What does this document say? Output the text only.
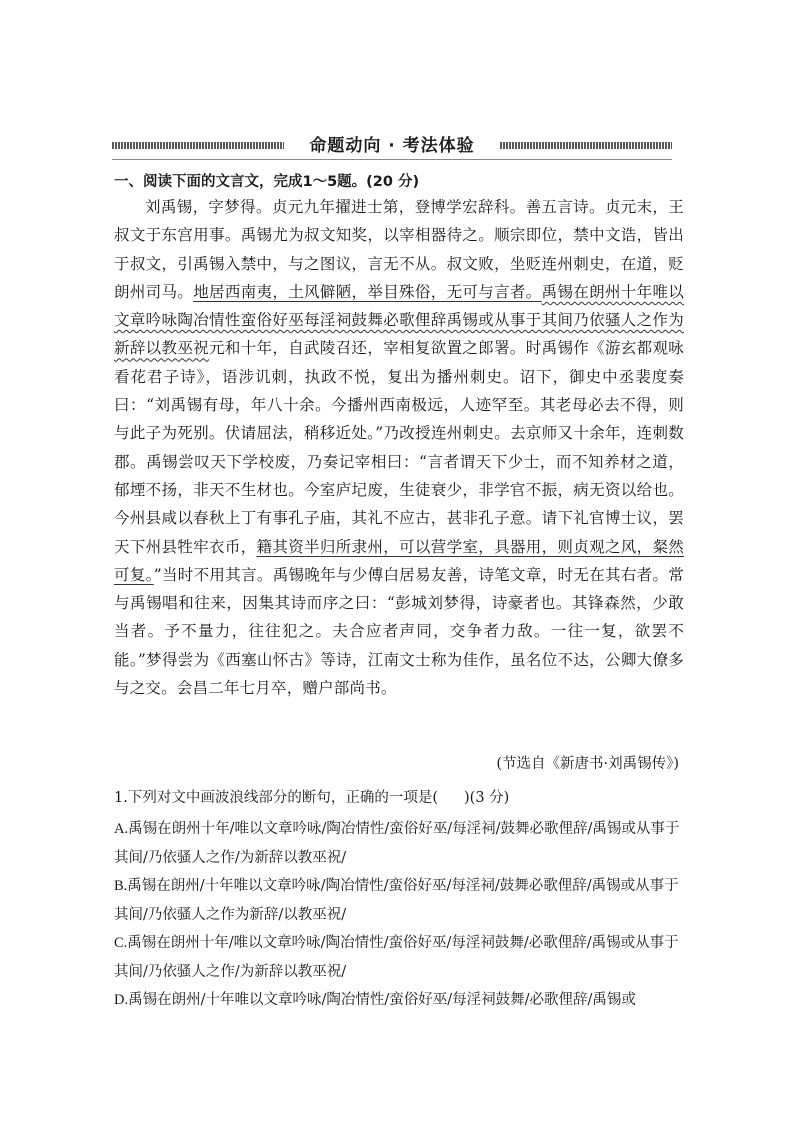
命题动向 · 考法体验
一、阅读下面的文言文，完成1～5题。(20 分)

刘禹锡，字梦得。贞元九年擢进士第，登博学宏辞科。善五言诗。贞元末，王叔文于东宫用事。禹锡尤为叔文知奖，以宰相器待之。顺宗即位，禁中文诰，皆出于叔文，引禹锡入禁中，与之图议，言无不从。叔文败，坐贬连州刺史，在道，贬朗州司马。地居西南夷，土风僻陋，举目殊俗，无可与言者。禹锡在朗州十年唯以文章吟咏陶冶情性蛮俗好巫每淫祠鼓舞必歌俚辞禹锡或从事于其间乃依骚人之作为新辞以教巫祝元和十年，自武陵召还，宰相复欲置之郎署。时禹锡作《游玄都观咏看花君子诗》，语涉讥刺，执政不悦，复出为播州刺史。诏下，御史中丞裴度奏曰：“刘禹锡有母，年八十余。今播州西南极远，人迹罕至。其老母必去不得，则与此子为死别。伏请屈法，稍移近处。”乃改授连州刺史。去京师又十余年，连刺数郡。禹锡尝叹天下学校废，乃奏记宰相曰：“言者谓天下少士，而不知养材之道，郁堙不扬，非天不生材也。今室庐圮废，生徒衰少，非学官不振，病无资以给也。今州县咸以春秋上丁有事孔子庙，其礼不应古，甚非孔子意。请下礼官博士议，罢天下州县牲牢衣币，籍其资半归所隶州，可以营学室，具器用，则贞观之风，粲然可复。”当时不用其言。禹锡晚年与少傅白居易友善，诗笔文章，时无在其右者。常与禹锡唱和往来，因集其诗而序之曰：“彭城刘梦得，诗豪者也。其锋森然，少敢当者。予不量力，往往犯之。夫合应者声同，交争者力敌。一往一复，欲罢不能。”梦得尝为《西塞山怀古》等诗，江南文士称为佳作，虽名位不达，公卿大僚多与之交。会昌二年七月卒，赠户部尚书。

(节选自《新唐书·刘禹锡传》)
1.下列对文中画波浪线部分的断句，正确的一项是( )(3 分)
A.禹锡在朗州十年/唯以文章吟咏/陶冶情性/蛮俗好巫/每淫祠/鼓舞必歌俚辞/禹锡或从事于其间/乃依骚人之作/为新辞以教巫祝/
B.禹锡在朗州/十年唯以文章吟咏/陶冶情性/蛮俗好巫/每淫祠/鼓舞必歌俚辞/禹锡或从事于其间/乃依骚人之作为新辞/以教巫祝/
C.禹锡在朗州十年/唯以文章吟咏/陶冶情性/蛮俗好巫/每淫祠鼓舞/必歌俚辞/禹锡或从事于其间/乃依骚人之作/为新辞以教巫祝/
D.禹锡在朗州/十年唯以文章吟咏/陶冶情性/蛮俗好巫/每淫祠鼓舞/必歌俚辞/禹锡或
